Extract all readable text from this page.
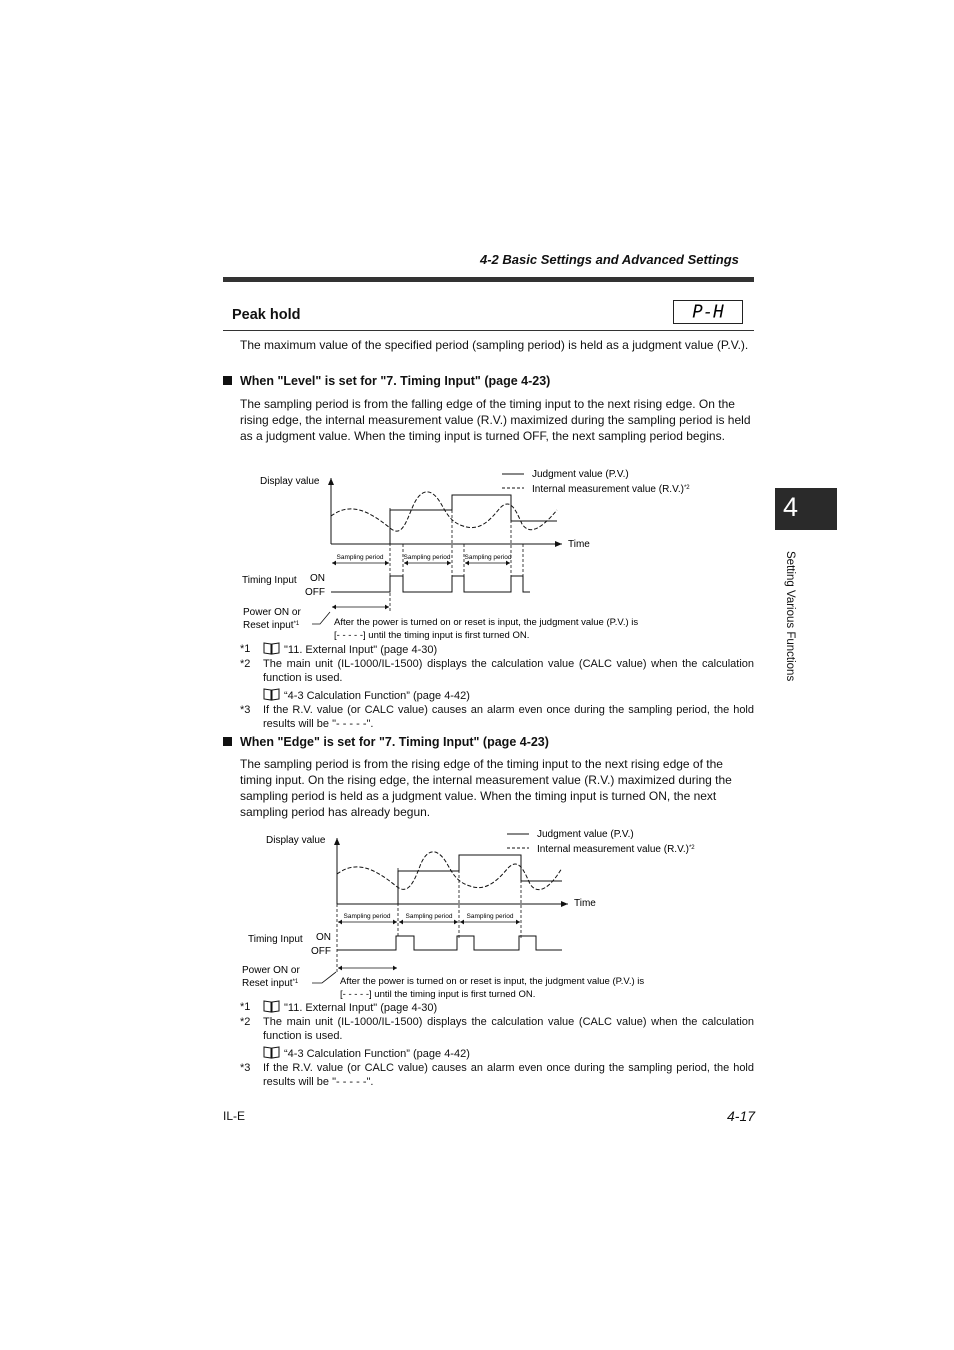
4-2 Basic Settings and Advanced Settings
Peak hold	P-H
The maximum value of the specified period (sampling period) is held as a judgment value (P.V.).
When "Level" is set for "7. Timing Input" (page 4-23)
The sampling period is from the falling edge of the timing input to the next rising edge. On the rising edge, the internal measurement value (R.V.) maximized during the sampling period is held as a judgment value. When the timing input is turned OFF, the next sampling period begins.
Display value
Time
Judgment value (P.V.)
Internal measurement value $(R.V.)^{*2}$
Sampling period	Sampling period Sampling period
Timing Input ON
OFF
Power ON or
Reset input$^{*1}$	After the power is turned on or reset is input, the judgment value (P.V.) is
[- - - - -] until the timing input is first turned ON.
*1	"11. External Input" (page 4-30)
*2 The main unit (IL-1000/IL-1500) displays the calculation value (CALC value) when the calculation function is used.
“4-3 Calculation Function” (page 4-42)
*3 If the R.V. value (or CALC value) causes an alarm even once during the sampling period, the hold results will be "- - - - -".
When "Edge" is set for "7. Timing Input" (page 4-23)
The sampling period is from the rising edge of the timing input to the next rising edge of the timing input. On the rising edge, the internal measurement value (R.V.) maximized during the sampling period is held as a judgment value. When the timing input is turned ON, the next sampling period has already begun.
Display value
Time
Judgment value (P.V.)
Internal measurement value $(R.V.)^{*2}$
Sampling period Sampling period Sampling period
Timing Input ON
OFF
Power ON or
Reset input$^{*1}$	After the power is turned on or reset is input, the judgment value (P.V.) is
[- - - - -] until the timing input is first turned ON.
*1	"11. External Input" (page 4-30)
*2 The main unit (IL-1000/IL-1500) displays the calculation value (CALC value) when the calculation function is used.
“4-3 Calculation Function” (page 4-42)
*3 If the R.V. value (or CALC value) causes an alarm even once during the sampling period, the hold results will be "- - - - -".
4
Setting Various Functions
IL-E	4-17
